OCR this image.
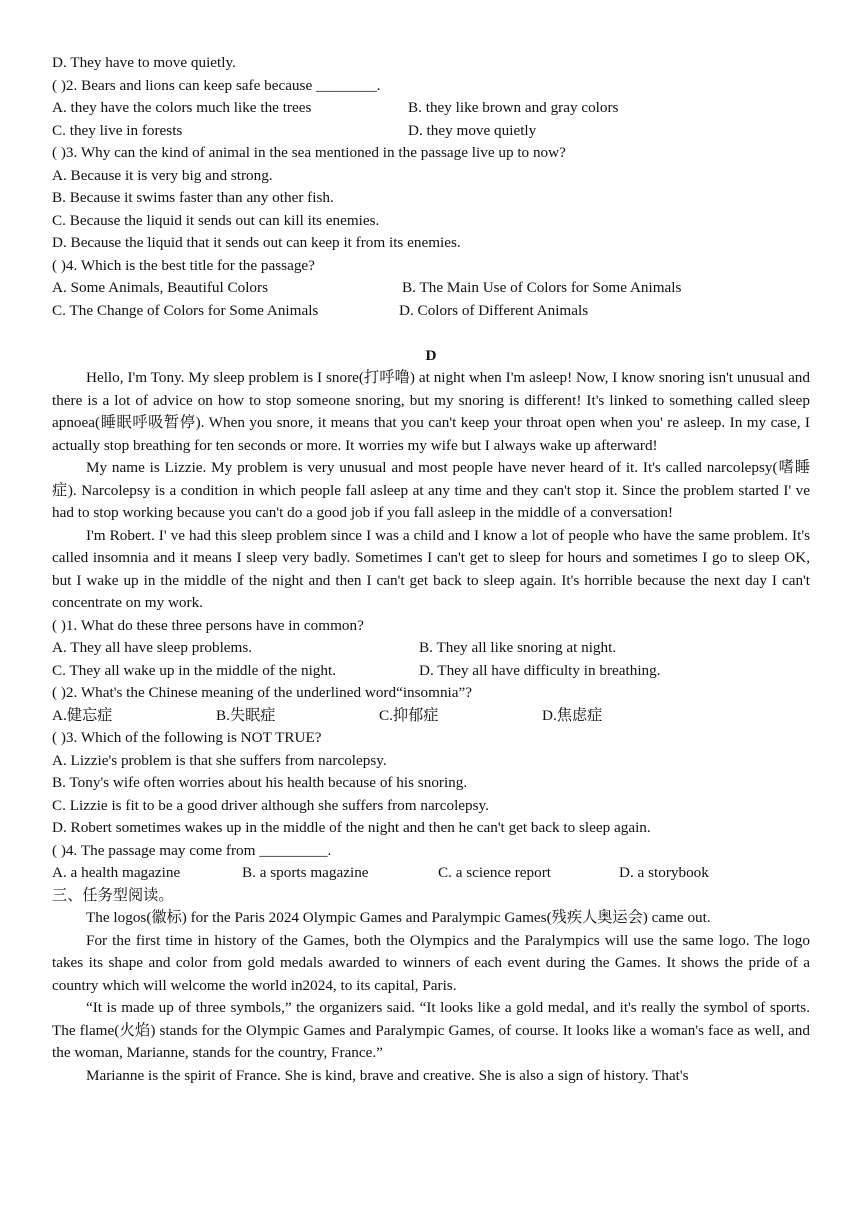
D. They have to move quietly.
( )2. Bears and lions can keep safe because ________.
A. they have the colors much like the trees	B. they like brown and gray colors
C. they live in forests	D. they move quietly
( )3. Why can the kind of animal in the sea mentioned in the passage live up to now?
A. Because it is very big and strong.
B. Because it swims faster than any other fish.
C. Because the liquid it sends out can kill its enemies.
D. Because the liquid that it sends out can keep it from its enemies.
( )4. Which is the best title for the passage?
A. Some Animals, Beautiful Colors	B. The Main Use of Colors for Some Animals
C. The Change of Colors for Some Animals	D. Colors of Different Animals
D
Hello, I'm Tony. My sleep problem is I snore(打呼噜) at night when I'm asleep! Now, I know snoring isn't unusual and there is a lot of advice on how to stop someone snoring, but my snoring is different! It's linked to something called sleep apnoea(睡眠呼吸暂停). When you snore, it means that you can't keep your throat open when you' re asleep. In my case, I actually stop breathing for ten seconds or more. It worries my wife but I always wake up afterward!
My name is Lizzie. My problem is very unusual and most people have never heard of it. It's called narcolepsy(嗜睡症). Narcolepsy is a condition in which people fall asleep at any time and they can't stop it. Since the problem started I' ve had to stop working because you can't do a good job if you fall asleep in the middle of a conversation!
I'm Robert. I' ve had this sleep problem since I was a child and I know a lot of people who have the same problem. It's called insomnia and it means I sleep very badly. Sometimes I can't get to sleep for hours and sometimes I go to sleep OK, but I wake up in the middle of the night and then I can't get back to sleep again. It's horrible because the next day I can't concentrate on my work.
( )1. What do these three persons have in common?
A. They all have sleep problems.	B. They all like snoring at night.
C. They all wake up in the middle of the night.	D. They all have difficulty in breathing.
( )2. What's the Chinese meaning of the underlined word“insomnia”?
A.健忘症	B.失眠症	C.抑郁症	D.焦虑症
( )3. Which of the following is NOT TRUE?
A. Lizzie's problem is that she suffers from narcolepsy.
B. Tony's wife often worries about his health because of his snoring.
C. Lizzie is fit to be a good driver although she suffers from narcolepsy.
D. Robert sometimes wakes up in the middle of the night and then he can't get back to sleep again.
( )4. The passage may come from _________.
A. a health magazine	B. a sports magazine	C. a science report	D. a storybook
三、任务型阅读。
The logos(徽标) for the Paris 2024 Olympic Games and Paralympic Games(残疾人奥运会) came out.
For the first time in history of the Games, both the Olympics and the Paralympics will use the same logo. The logo takes its shape and color from gold medals awarded to winners of each event during the Games. It shows the pride of a country which will welcome the world in2024, to its capital, Paris.
“It is made up of three symbols,” the organizers said. “It looks like a gold medal, and it's really the symbol of sports. The flame(火焰) stands for the Olympic Games and Paralympic Games, of course. It looks like a woman's face as well, and the woman, Marianne, stands for the country, France.”
Marianne is the spirit of France. She is kind, brave and creative. She is also a sign of history. That's
